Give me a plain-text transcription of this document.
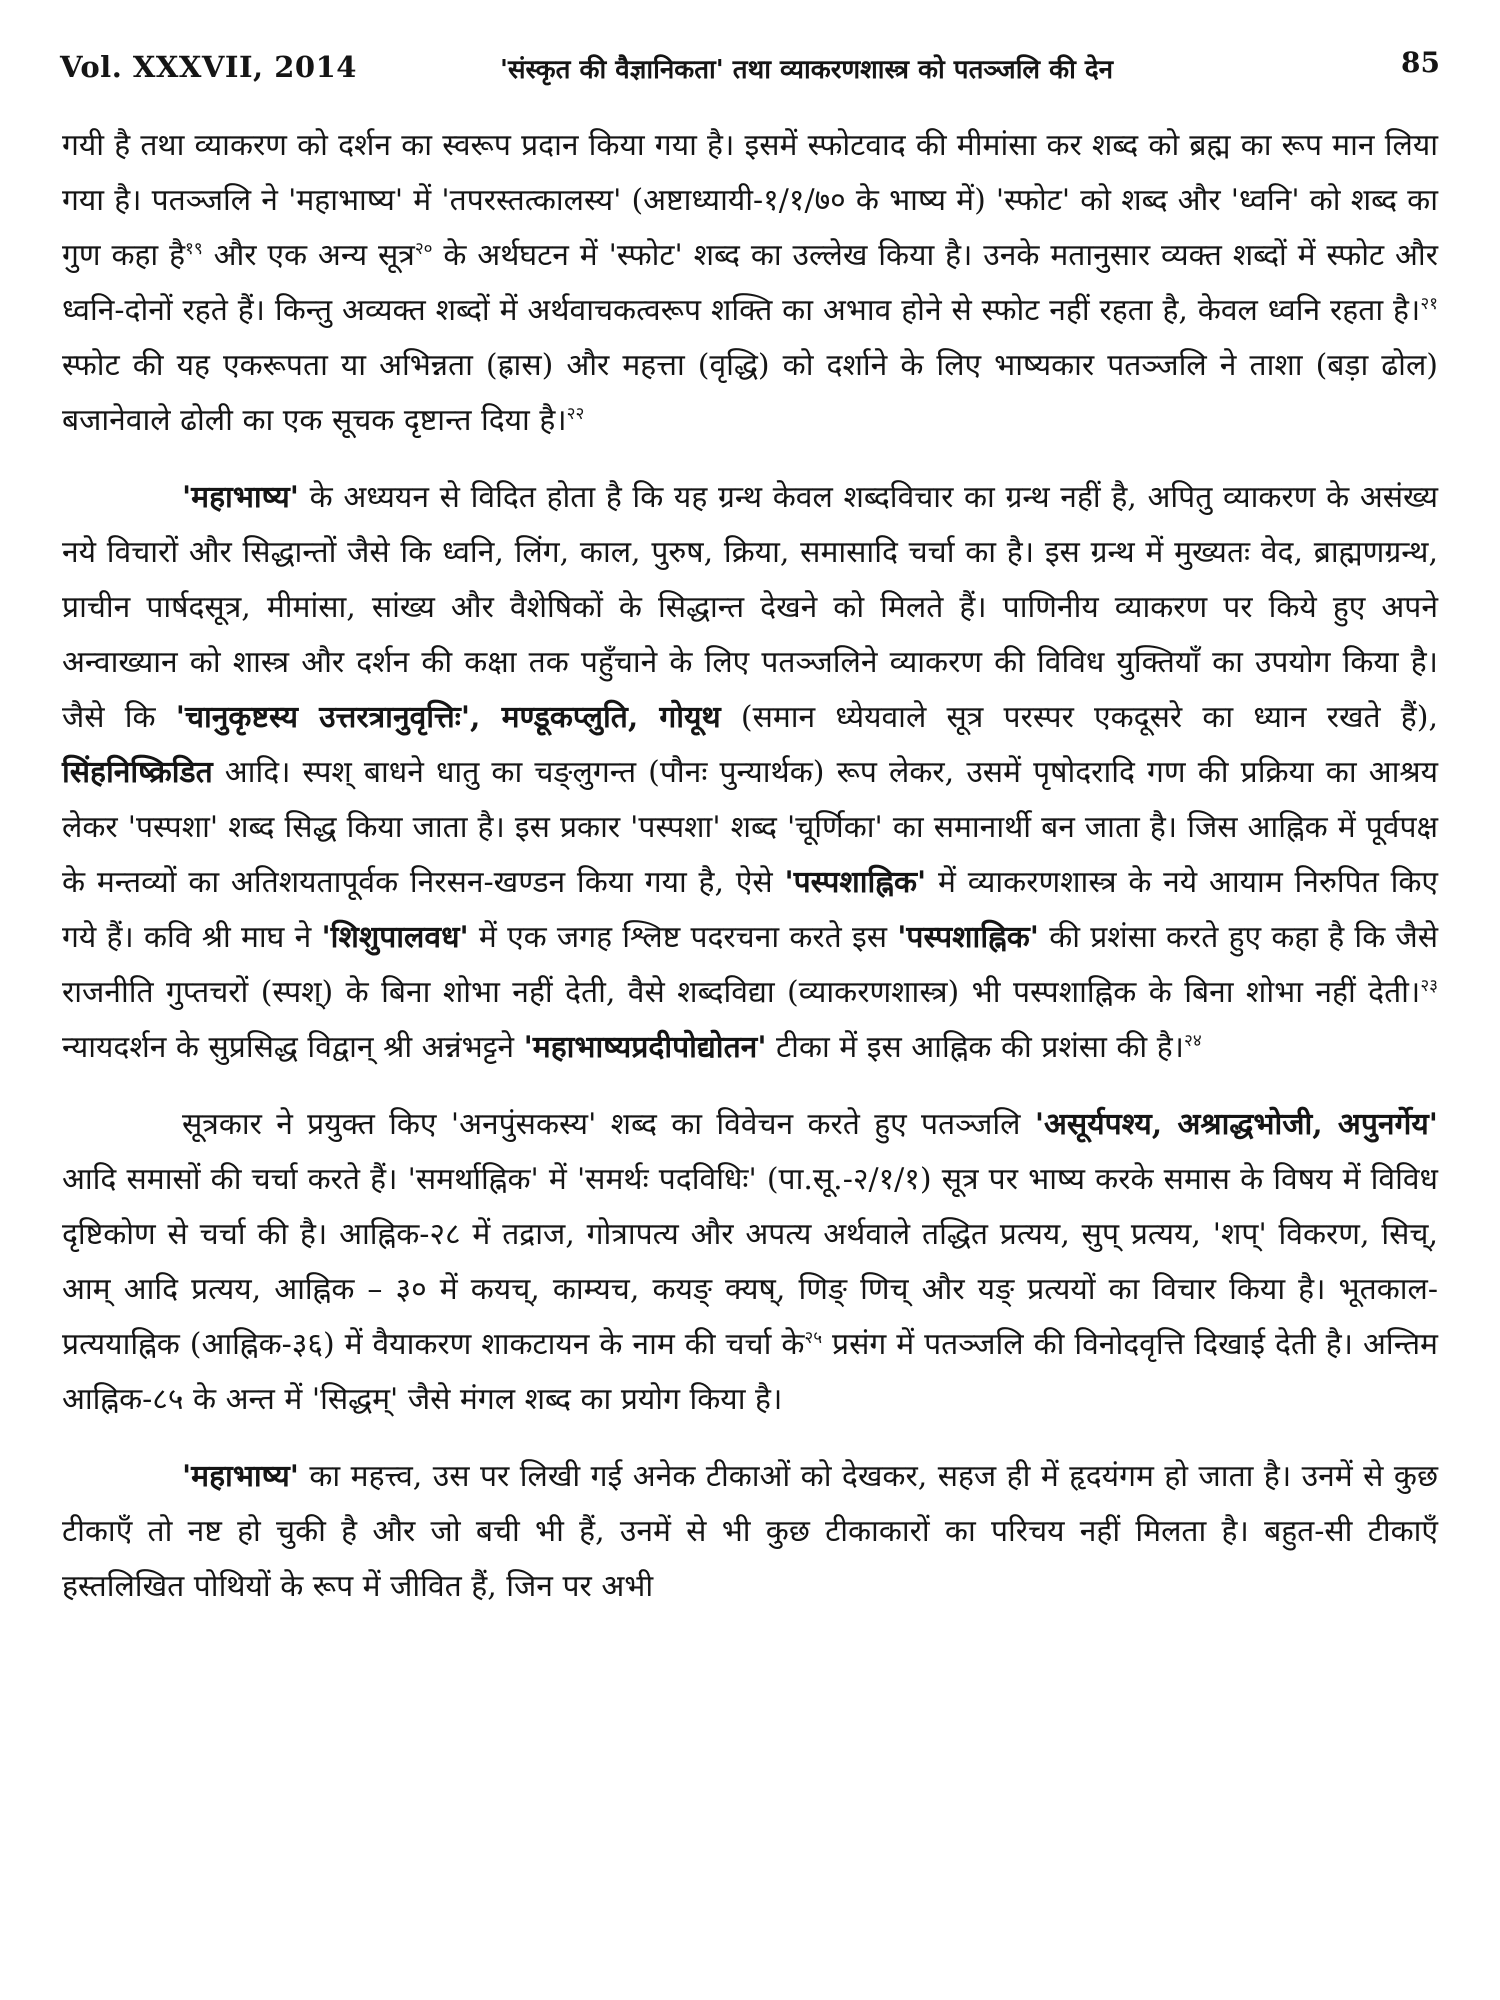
Vol. XXXVII, 2014	'संस्कृत की वैज्ञानिकता' तथा व्याकरणशास्त्र को पतञ्जलि की देन	85

गयी है तथा व्याकरण को दर्शन का स्वरूप प्रदान किया गया है। इसमें स्फोटवाद की मीमांसा कर शब्द को ब्रह्म का रूप मान लिया गया है। पतञ्जलि ने 'महाभाष्य' में 'तपरस्तत्कालस्य' (अष्टाध्यायी-१/१/७० के भाष्य में) 'स्फोट' को शब्द और 'ध्वनि' को शब्द का गुण कहा है$^{१९}$ और एक अन्य सूत्र$^{२०}$ के अर्थघटन में 'स्फोट' शब्द का उल्लेख किया है। उनके मतानुसार व्यक्त शब्दों में स्फोट और ध्वनि-दोनों रहते हैं। किन्तु अव्यक्त शब्दों में अर्थवाचकत्वरूप शक्ति का अभाव होने से स्फोट नहीं रहता है, केवल ध्वनि रहता है।$^{२१}$ स्फोट की यह एकरूपता या अभिन्नता (ह्रास) और महत्ता (वृद्धि) को दर्शाने के लिए भाष्यकार पतञ्जलि ने ताशा (बड़ा ढोल) बजानेवाले ढोली का एक सूचक दृष्टान्त दिया है।$^{२२}$

'महाभाष्य' के अध्ययन से विदित होता है कि यह ग्रन्थ केवल शब्दविचार का ग्रन्थ नहीं है, अपितु व्याकरण के असंख्य नये विचारों और सिद्धान्तों जैसे कि ध्वनि, लिंग, काल, पुरुष, क्रिया, समासादि चर्चा का है। इस ग्रन्थ में मुख्यतः वेद, ब्राह्मणग्रन्थ, प्राचीन पार्षदसूत्र, मीमांसा, सांख्य और वैशेषिकों के सिद्धान्त देखने को मिलते हैं। पाणिनीय व्याकरण पर किये हुए अपने अन्वाख्यान को शास्त्र और दर्शन की कक्षा तक पहुँचाने के लिए पतञ्जलिने व्याकरण की विविध युक्तियाँ का उपयोग किया है। जैसे कि 'चानुकृष्टस्य उत्तरत्रानुवृत्तिः', मण्डूकप्लुति, गोयूथ (समान ध्येयवाले सूत्र परस्पर एकदूसरे का ध्यान रखते हैं), सिंहनिष्क्रिडित आदि। स्पश् बाधने धातु का चङ्लुगन्त (पौनः पुन्यार्थक) रूप लेकर, उसमें पृषोदरादि गण की प्रक्रिया का आश्रय लेकर 'पस्पशा' शब्द सिद्ध किया जाता है। इस प्रकार 'पस्पशा' शब्द 'चूर्णिका' का समानार्थी बन जाता है। जिस आह्निक में पूर्वपक्ष के मन्तव्यों का अतिशयतापूर्वक निरसन-खण्डन किया गया है, ऐसे 'पस्पशाह्निक' में व्याकरणशास्त्र के नये आयाम निरुपित किए गये हैं। कवि श्री माघ ने 'शिशुपालवध' में एक जगह श्लिष्ट पदरचना करते इस 'पस्पशाह्निक' की प्रशंसा करते हुए कहा है कि जैसे राजनीति गुप्तचरों (स्पश्) के बिना शोभा नहीं देती, वैसे शब्दविद्या (व्याकरणशास्त्र) भी पस्पशाह्निक के बिना शोभा नहीं देती।$^{२३}$ न्यायदर्शन के सुप्रसिद्ध विद्वान् श्री अन्नंभट्टने 'महाभाष्यप्रदीपोद्योतन' टीका में इस आह्निक की प्रशंसा की है।$^{२४}$

सूत्रकार ने प्रयुक्त किए 'अनपुंसकस्य' शब्द का विवेचन करते हुए पतञ्जलि 'असूर्यपश्य, अश्राद्धभोजी, अपुनर्गेय' आदि समासों की चर्चा करते हैं। 'समर्थाह्निक' में 'समर्थः पदविधिः' (पा.सू.-२/१/१) सूत्र पर भाष्य करके समास के विषय में विविध दृष्टिकोण से चर्चा की है। आह्निक-२८ में तद्राज, गोत्रापत्य और अपत्य अर्थवाले तद्धित प्रत्यय, सुप् प्रत्यय, 'शप्' विकरण, सिच्, आम् आदि प्रत्यय, आह्निक – ३० में कयच्, काम्यच, कयङ् क्यष्, णिङ् णिच् और यङ् प्रत्ययों का विचार किया है। भूतकाल-प्रत्ययाह्निक (आह्निक-३६) में वैयाकरण शाकटायन के नाम की चर्चा के$^{२५}$ प्रसंग में पतञ्जलि की विनोदवृत्ति दिखाई देती है। अन्तिम आह्निक-८५ के अन्त में 'सिद्धम्' जैसे मंगल शब्द का प्रयोग किया है।

'महाभाष्य' का महत्त्व, उस पर लिखी गई अनेक टीकाओं को देखकर, सहज ही में हृदयंगम हो जाता है। उनमें से कुछ टीकाएँ तो नष्ट हो चुकी है और जो बची भी हैं, उनमें से भी कुछ टीकाकारों का परिचय नहीं मिलता है। बहुत-सी टीकाएँ हस्तलिखित पोथियों के रूप में जीवित हैं, जिन पर अभी
